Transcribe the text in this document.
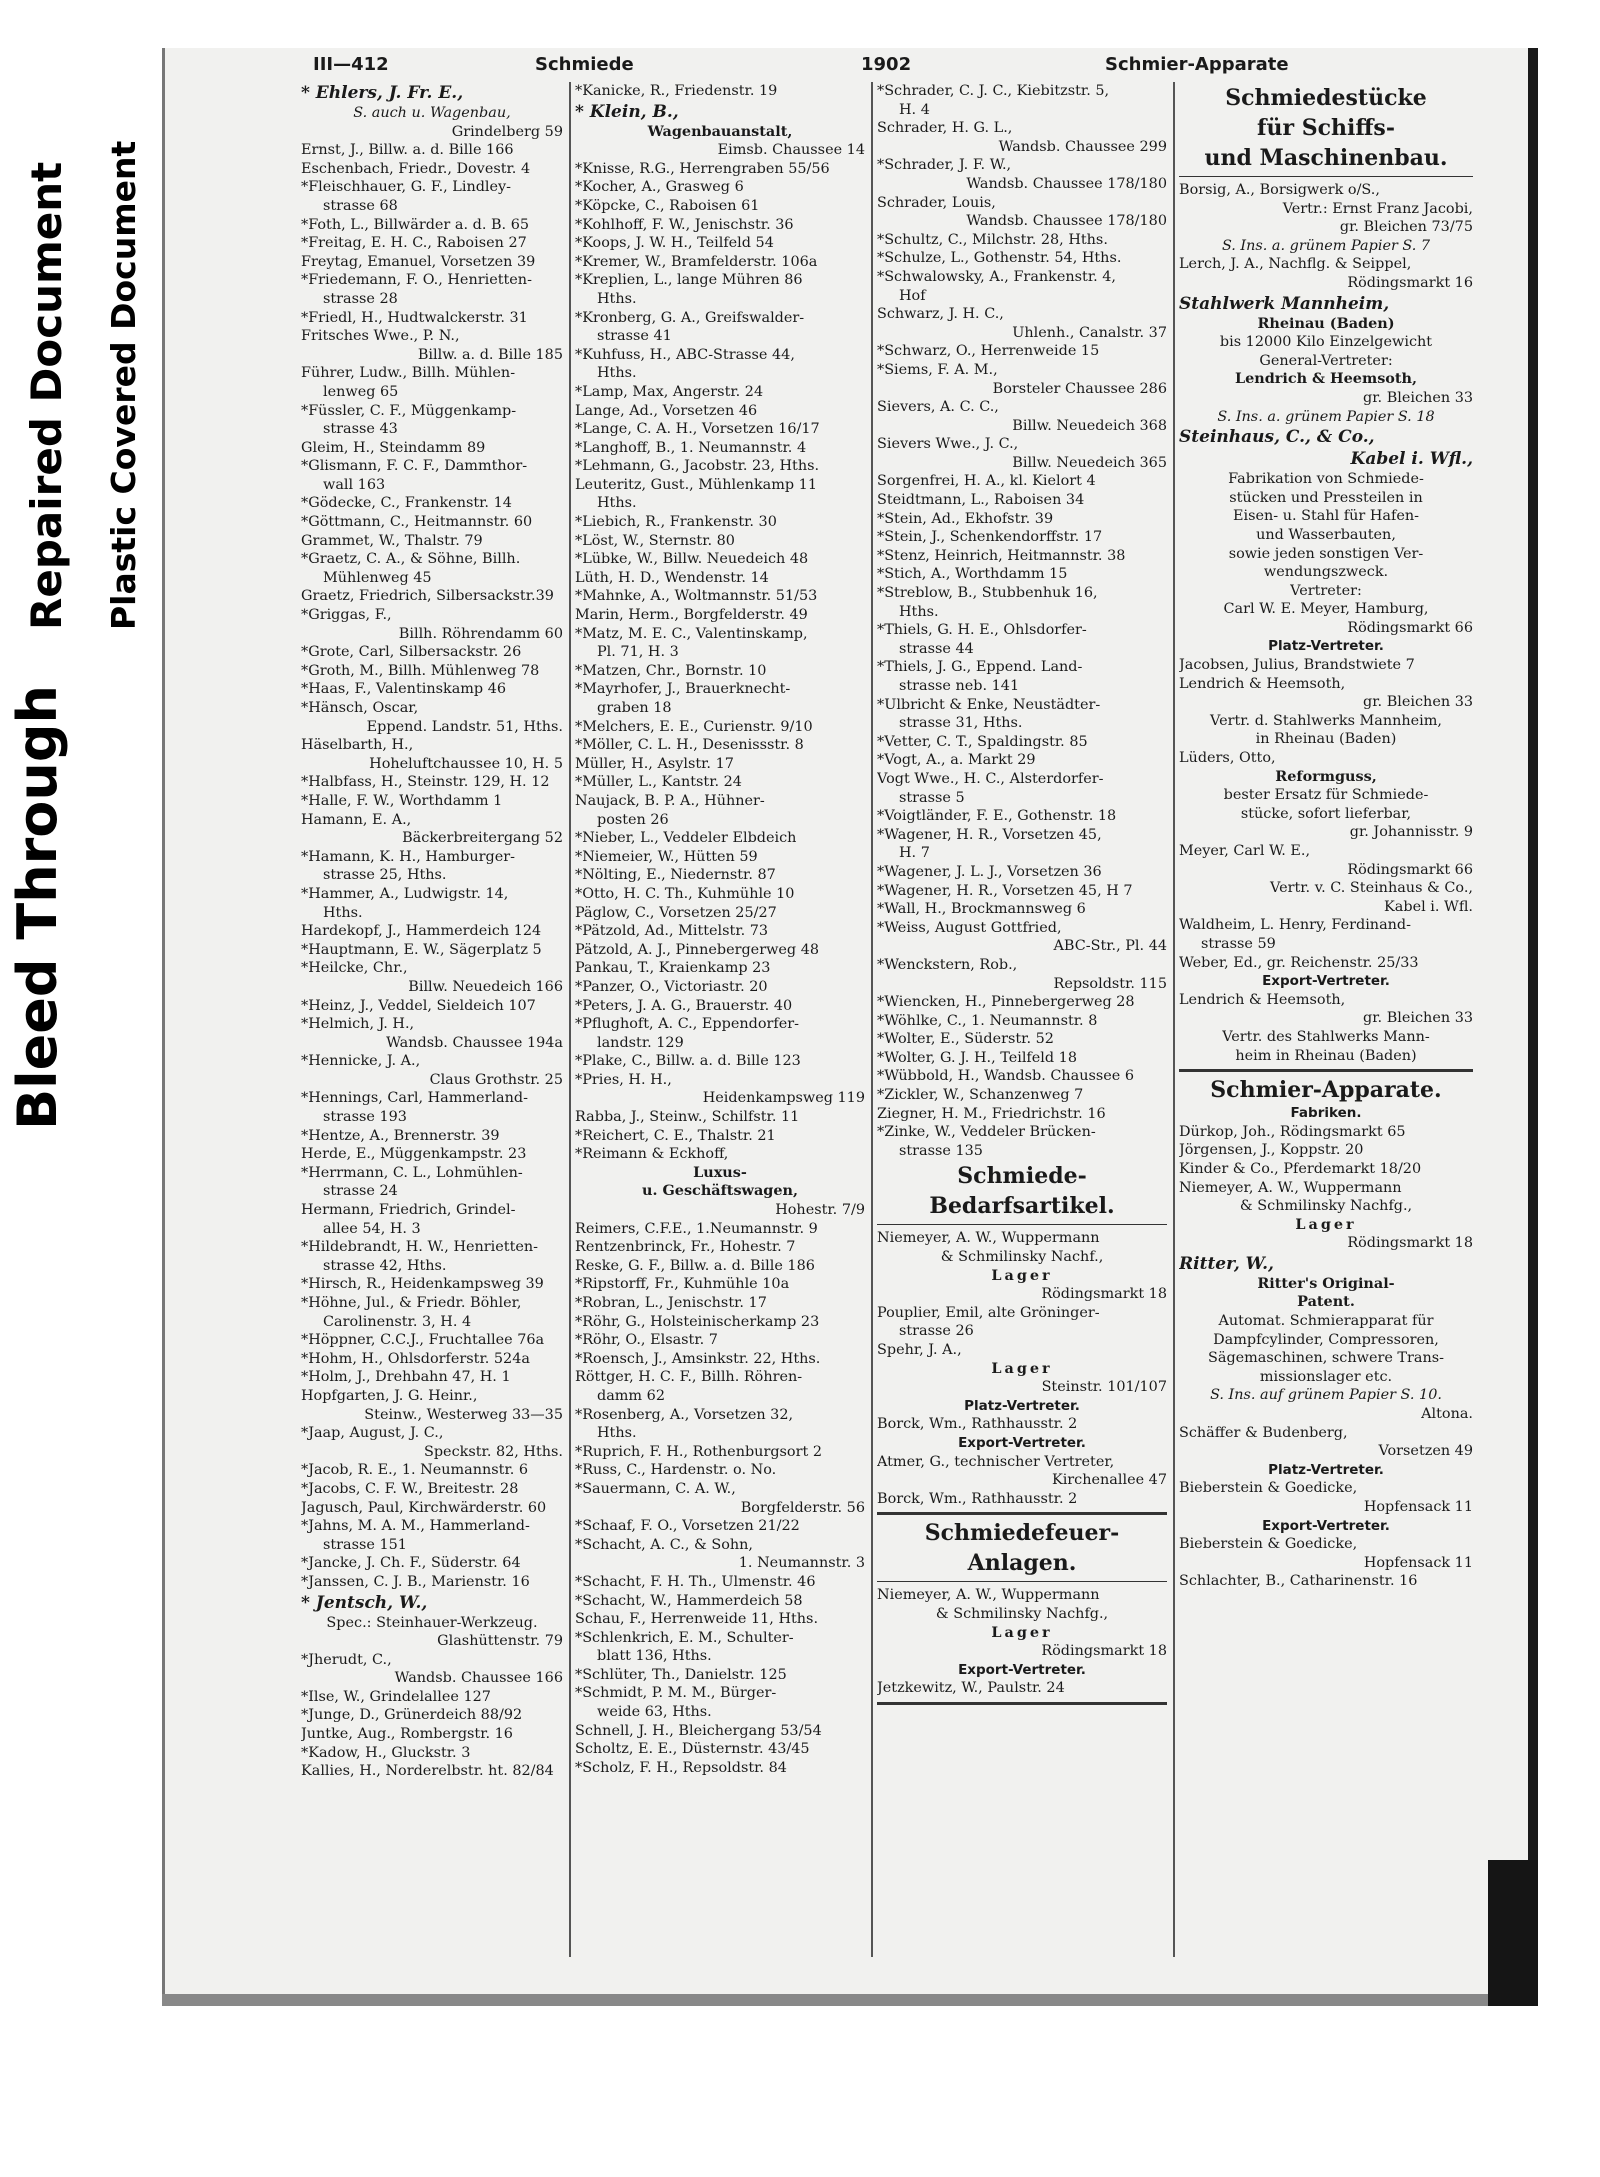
Bleed Through
Repaired Document Plastic Covered Document
III—412	Schmiede	1902	Schmier-Apparate
* Ehlers, J. Fr. E.,
S. auch u. Wagenbau,
Grindelberg 59
Ernst, J., Billw. a. d. Bille 166
Eschenbach, Friedr., Dovestr. 4
*Fleischhauer, G. F., Lindley-
strasse 68
*Foth, L., Billwärder a. d. B. 65
*Freitag, E. H. C., Raboisen 27
Freytag, Emanuel, Vorsetzen 39
*Friedemann, F. O., Henrietten-
strasse 28
*Friedl, H., Hudtwalckerstr. 31
Fritsches Wwe., P. N.,
Billw. a. d. Bille 185
Führer, Ludw., Billh. Mühlen-
lenweg 65
*Füssler, C. F., Müggenkamp-
strasse 43
Gleim, H., Steindamm 89
*Glismann, F. C. F., Dammthor-
wall 163
*Gödecke, C., Frankenstr. 14
*Göttmann, C., Heitmannstr. 60
Grammet, W., Thalstr. 79
*Graetz, C. A., & Söhne, Billh.
Mühlenweg 45
Graetz, Friedrich, Silbersackstr.39
*Griggas, F.,
Billh. Röhrendamm 60
*Grote, Carl, Silbersackstr. 26
*Groth, M., Billh. Mühlenweg 78
*Haas, F., Valentinskamp 46
*Hänsch, Oscar,
Eppend. Landstr. 51, Hths.
Häselbarth, H.,
Hoheluftchaussee 10, H. 5
*Halbfass, H., Steinstr. 129, H. 12
*Halle, F. W., Worthdamm 1
Hamann, E. A.,
Bäckerbreitergang 52
*Hamann, K. H., Hamburger-
strasse 25, Hths.
*Hammer, A., Ludwigstr. 14,
Hths.
Hardekopf, J., Hammerdeich 124
*Hauptmann, E. W., Sägerplatz 5
*Heilcke, Chr.,
Billw. Neuedeich 166
*Heinz, J., Veddel, Sieldeich 107
*Helmich, J. H.,
Wandsb. Chaussee 194a
*Hennicke, J. A.,
Claus Grothstr. 25
*Hennings, Carl, Hammerland-
strasse 193
*Hentze, A., Brennerstr. 39
Herde, E., Müggenkampstr. 23
*Herrmann, C. L., Lohmühlen-
strasse 24
Hermann, Friedrich, Grindel-
allee 54, H. 3
*Hildebrandt, H. W., Henrietten-
strasse 42, Hths.
*Hirsch, R., Heidenkampsweg 39
*Höhne, Jul., & Friedr. Böhler,
Carolinenstr. 3, H. 4
*Höppner, C.C.J., Fruchtallee 76a
*Hohm, H., Ohlsdorferstr. 524a
*Holm, J., Drehbahn 47, H. 1
Hopfgarten, J. G. Heinr.,
Steinw., Westerweg 33—35
*Jaap, August, J. C.,
Speckstr. 82, Hths.
*Jacob, R. E., 1. Neumannstr. 6
*Jacobs, C. F. W., Breitestr. 28
Jagusch, Paul, Kirchwärderstr. 60
*Jahns, M. A. M., Hammerland-
strasse 151
*Jancke, J. Ch. F., Süderstr. 64
*Janssen, C. J. B., Marienstr. 16
* Jentsch, W.,
Spec.: Steinhauer-Werkzeug.
Glashüttenstr. 79
*Jherudt, C.,
Wandsb. Chaussee 166
*Ilse, W., Grindelallee 127
*Junge, D., Grünerdeich 88/92
Juntke, Aug., Rombergstr. 16
*Kadow, H., Gluckstr. 3
Kallies, H., Norderelbstr. ht. 82/84
*Kanicke, R., Friedenstr. 19
* Klein, B.,
Wagenbauanstalt,
Eimsb. Chaussee 14
*Knisse, R.G., Herrengraben 55/56
*Kocher, A., Grasweg 6
*Köpcke, C., Raboisen 61
*Kohlhoff, F. W., Jenischstr. 36
*Koops, J. W. H., Teilfeld 54
*Kremer, W., Bramfelderstr. 106a
*Kreplien, L., lange Mühren 86
Hths.
*Kronberg, G. A., Greifswalder-
strasse 41
*Kuhfuss, H., ABC-Strasse 44,
Hths.
*Lamp, Max, Angerstr. 24
Lange, Ad., Vorsetzen 46
*Lange, C. A. H., Vorsetzen 16/17
*Langhoff, B., 1. Neumannstr. 4
*Lehmann, G., Jacobstr. 23, Hths.
Leuteritz, Gust., Mühlenkamp 11
Hths.
*Liebich, R., Frankenstr. 30
*Löst, W., Sternstr. 80
*Lübke, W., Billw. Neuedeich 48
Lüth, H. D., Wendenstr. 14
*Mahnke, A., Woltmannstr. 51/53
Marin, Herm., Borgfelderstr. 49
*Matz, M. E. C., Valentinskamp,
Pl. 71, H. 3
*Matzen, Chr., Bornstr. 10
*Mayrhofer, J., Brauerknecht-
graben 18
*Melchers, E. E., Curienstr. 9/10
*Möller, C. L. H., Desenissstr. 8
Müller, H., Asylstr. 17
*Müller, L., Kantstr. 24
Naujack, B. P. A., Hühner-
posten 26
*Nieber, L., Veddeler Elbdeich
*Niemeier, W., Hütten 59
*Nölting, E., Niedernstr. 87
*Otto, H. C. Th., Kuhmühle 10
Päglow, C., Vorsetzen 25/27
*Pätzold, Ad., Mittelstr. 73
Pätzold, A. J., Pinnebergerweg 48
Pankau, T., Kraienkamp 23
*Panzer, O., Victoriastr. 20
*Peters, J. A. G., Brauerstr. 40
*Pflughoft, A. C., Eppendorfer-
landstr. 129
*Plake, C., Billw. a. d. Bille 123
*Pries, H. H.,
Heidenkampsweg 119
Rabba, J., Steinw., Schilfstr. 11
*Reichert, C. E., Thalstr. 21
*Reimann & Eckhoff,
Luxus-
u. Geschäftswagen,
Hohestr. 7/9
Reimers, C.F.E., 1.Neumannstr. 9
Rentzenbrinck, Fr., Hohestr. 7
Reske, G. F., Billw. a. d. Bille 186
*Ripstorff, Fr., Kuhmühle 10a
*Robran, L., Jenischstr. 17
*Röhr, G., Holsteinischerkamp 23
*Röhr, O., Elsastr. 7
*Roensch, J., Amsinkstr. 22, Hths.
Röttger, H. C. F., Billh. Röhren-
damm 62
*Rosenberg, A., Vorsetzen 32,
Hths.
*Ruprich, F. H., Rothenburgsort 2
*Russ, C., Hardenstr. o. No.
*Sauermann, C. A. W.,
Borgfelderstr. 56
*Schaaf, F. O., Vorsetzen 21/22
*Schacht, A. C., & Sohn,
1. Neumannstr. 3
*Schacht, F. H. Th., Ulmenstr. 46
*Schacht, W., Hammerdeich 58
Schau, F., Herrenweide 11, Hths.
*Schlenkrich, E. M., Schulter-
blatt 136, Hths.
*Schlüter, Th., Danielstr. 125
*Schmidt, P. M. M., Bürger-
weide 63, Hths.
Schnell, J. H., Bleichergang 53/54
Scholtz, E. E., Düsternstr. 43/45
*Scholz, F. H., Repsoldstr. 84
*Schrader, C. J. C., Kiebitzstr. 5,
H. 4
Schrader, H. G. L.,
Wandsb. Chaussee 299
*Schrader, J. F. W.,
Wandsb. Chaussee 178/180
Schrader, Louis,
Wandsb. Chaussee 178/180
*Schultz, C., Milchstr. 28, Hths.
*Schulze, L., Gothenstr. 54, Hths.
*Schwalowsky, A., Frankenstr. 4,
Hof
Schwarz, J. H. C.,
Uhlenh., Canalstr. 37
*Schwarz, O., Herrenweide 15
*Siems, F. A. M.,
Borsteler Chaussee 286
Sievers, A. C. C.,
Billw. Neuedeich 368
Sievers Wwe., J. C.,
Billw. Neuedeich 365
Sorgenfrei, H. A., kl. Kielort 4
Steidtmann, L., Raboisen 34
*Stein, Ad., Ekhofstr. 39
*Stein, J., Schenkendorffstr. 17
*Stenz, Heinrich, Heitmannstr. 38
*Stich, A., Worthdamm 15
*Streblow, B., Stubbenhuk 16,
Hths.
*Thiels, G. H. E., Ohlsdorfer-
strasse 44
*Thiels, J. G., Eppend. Land-
strasse neb. 141
*Ulbricht & Enke, Neustädter-
strasse 31, Hths.
*Vetter, C. T., Spaldingstr. 85
*Vogt, A., a. Markt 29
Vogt Wwe., H. C., Alsterdorfer-
strasse 5
*Voigtländer, F. E., Gothenstr. 18
*Wagener, H. R., Vorsetzen 45,
H. 7
*Wagener, J. L. J., Vorsetzen 36
*Wagener, H. R., Vorsetzen 45, H 7
*Wall, H., Brockmannsweg 6
*Weiss, August Gottfried,
ABC-Str., Pl. 44
*Wenckstern, Rob.,
Repsoldstr. 115
*Wiencken, H., Pinnebergerweg 28
*Wöhlke, C., 1. Neumannstr. 8
*Wolter, E., Süderstr. 52
*Wolter, G. J. H., Teilfeld 18
*Wübbold, H., Wandsb. Chaussee 6
*Zickler, W., Schanzenweg 7
Ziegner, H. M., Friedrichstr. 16
*Zinke, W., Veddeler Brücken-
strasse 135
Schmiede-
Bedarfsartikel.
Niemeyer, A. W., Wuppermann
& Schmilinsky Nachf.,
Lager
Rödingsmarkt 18
Pouplier, Emil, alte Gröninger-
strasse 26
Spehr, J. A.,
Lager
Steinstr. 101/107
Platz-Vertreter.
Borck, Wm., Rathhausstr. 2
Export-Vertreter.
Atmer, G., technischer Vertreter,
Kirchenallee 47
Borck, Wm., Rathhausstr. 2
Schmiedefeuer-
Anlagen.
Niemeyer, A. W., Wuppermann
& Schmilinsky Nachfg.,
Lager
Rödingsmarkt 18
Export-Vertreter.
Jetzkewitz, W., Paulstr. 24
Schmiedestücke
für Schiffs-
und Maschinenbau.
Borsig, A., Borsigwerk o/S.,
Vertr.: Ernst Franz Jacobi,
gr. Bleichen 73/75
S. Ins. a. grünem Papier S. 7
Lerch, J. A., Nachflg. & Seippel,
Rödingsmarkt 16
Stahlwerk Mannheim,
Rheinau (Baden)
bis 12000 Kilo Einzelgewicht
General-Vertreter:
Lendrich & Heemsoth,
gr. Bleichen 33
S. Ins. a. grünem Papier S. 18
Steinhaus, C., & Co.,
Kabel i. Wfl.,
Fabrikation von Schmiede-
stücken und Pressteilen in
Eisen- u. Stahl für Hafen-
und Wasserbauten,
sowie jeden sonstigen Ver-
wendungszweck.
Vertreter:
Carl W. E. Meyer, Hamburg,
Rödingsmarkt 66
Platz-Vertreter.
Jacobsen, Julius, Brandstwiete 7
Lendrich & Heemsoth,
gr. Bleichen 33
Vertr. d. Stahlwerks Mannheim,
in Rheinau (Baden)
Lüders, Otto,
Reformguss,
bester Ersatz für Schmiede-
stücke, sofort lieferbar,
gr. Johannisstr. 9
Meyer, Carl W. E.,
Rödingsmarkt 66
Vertr. v. C. Steinhaus & Co.,
Kabel i. Wfl.
Waldheim, L. Henry, Ferdinand-
strasse 59
Weber, Ed., gr. Reichenstr. 25/33
Export-Vertreter.
Lendrich & Heemsoth,
gr. Bleichen 33
Vertr. des Stahlwerks Mann-
heim in Rheinau (Baden)
Schmier-Apparate.
Fabriken.
Dürkop, Joh., Rödingsmarkt 65
Jörgensen, J., Koppstr. 20
Kinder & Co., Pferdemarkt 18/20
Niemeyer, A. W., Wuppermann
& Schmilinsky Nachfg.,
Lager
Rödingsmarkt 18
Ritter, W.,
Ritter's Original-
Patent.
Automat. Schmierapparat für
Dampfcylinder, Compressoren,
Sägemaschinen, schwere Trans-
missionslager etc.
S. Ins. auf grünem Papier S. 10.
Altona.
Schäffer & Budenberg,
Vorsetzen 49
Platz-Vertreter.
Bieberstein & Goedicke,
Hopfensack 11
Export-Vertreter.
Bieberstein & Goedicke,
Hopfensack 11
Schlachter, B., Catharinenstr. 16
